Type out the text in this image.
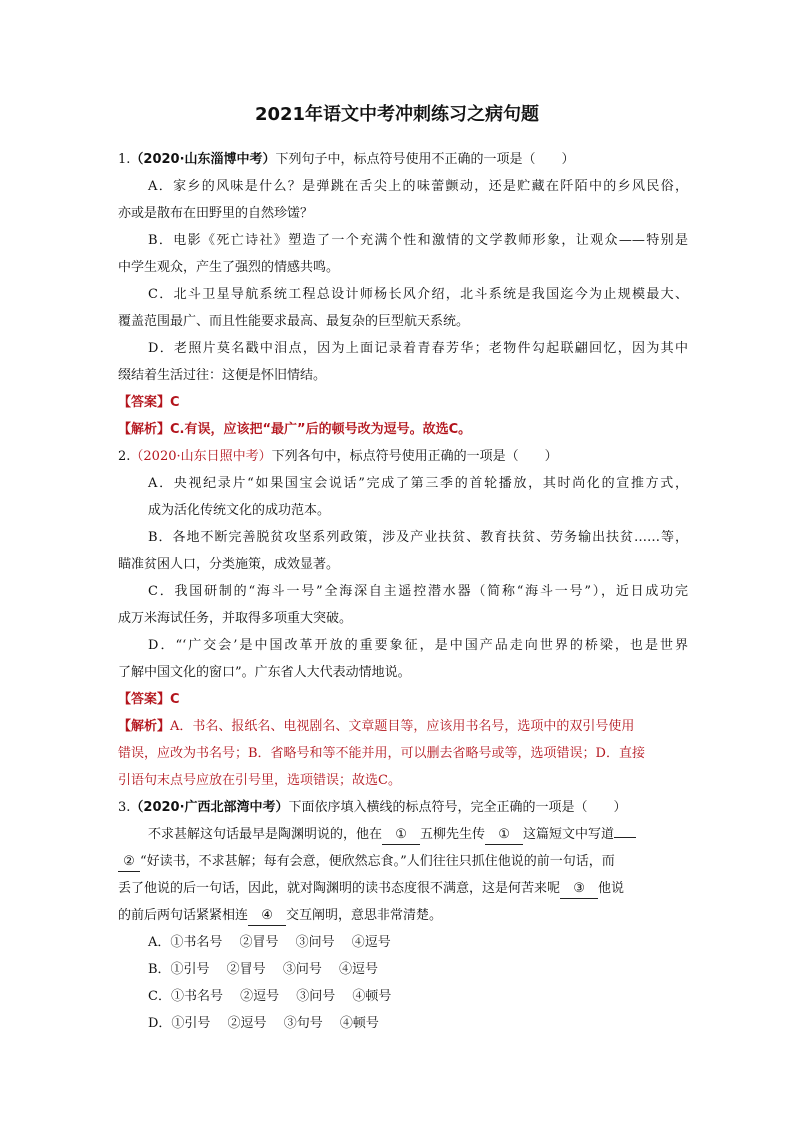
2021年语文中考冲刺练习之病句题
1.（2020·山东淄博中考）下列句子中，标点符号使用不正确的一项是（　　）
A．家乡的风味是什么？是弹跳在舌尖上的味蕾颤动，还是贮藏在阡陌中的乡风民俗，
亦或是散布在田野里的自然珍馐？
B．电影《死亡诗社》塑造了一个充满个性和激情的文学教师形象，让观众——特别是
中学生观众，产生了强烈的情感共鸣。
C．北斗卫星导航系统工程总设计师杨长风介绍，北斗系统是我国迄今为止规模最大、
覆盖范围最广、而且性能要求最高、最复杂的巨型航天系统。
D．老照片莫名戳中泪点，因为上面记录着青春芳华；老物件勾起联翩回忆，因为其中
缀结着生活过往：这便是怀旧情结。
【答案】C
【解析】C.有误，应该把“最广”后的顿号改为逗号。故选C。
2.（2020·山东日照中考）下列各句中，标点符号使用正确的一项是（　　）
A．央视纪录片“如果国宝会说话”完成了第三季的首轮播放，其时尚化的宣推方式，
成为活化传统文化的成功范本。
B．各地不断完善脱贫攻坚系列政策，涉及产业扶贫、教育扶贫、劳务输出扶贫……等，
瞄准贫困人口，分类施策，成效显著。
C．我国研制的“海斗一号”全海深自主遥控潜水器（简称“海斗一号”），近日成功完
成万米海试任务，并取得多项重大突破。
D．“‘广交会’是中国改革开放的重要象征，是中国产品走向世界的桥梁，也是世界
了解中国文化的窗口”。广东省人大代表动情地说。
【答案】C
【解析】A．书名、报纸名、电视剧名、文章题目等，应该用书名号，选项中的双引号使用
错误，应改为书名号；B．省略号和等不能并用，可以删去省略号或等，选项错误；D．直接
引语句末点号应放在引号里，选项错误；故选C。
3.（2020·广西北部湾中考）下面依序填入横线的标点符号，完全正确的一项是（　　）
不求甚解这句话最早是陶渊明说的，他在 ① 五柳先生传 ① 这篇短文中写道
② “好读书，不求甚解；每有会意，便欣然忘食。”人们往往只抓住他说的前一句话，而
丢了他说的后一句话，因此，就对陶渊明的读书态度很不满意，这是何苦来呢 ③ 他说
的前后两句话紧紧相连 ④ 交互阐明，意思非常清楚。
A．①书名号　 ②冒号　 ③问号　 ④逗号
B．①引号　 ②冒号　 ③问号　 ④逗号
C．①书名号　 ②逗号　 ③问号　 ④顿号
D．①引号　 ②逗号　 ③句号　 ④顿号
